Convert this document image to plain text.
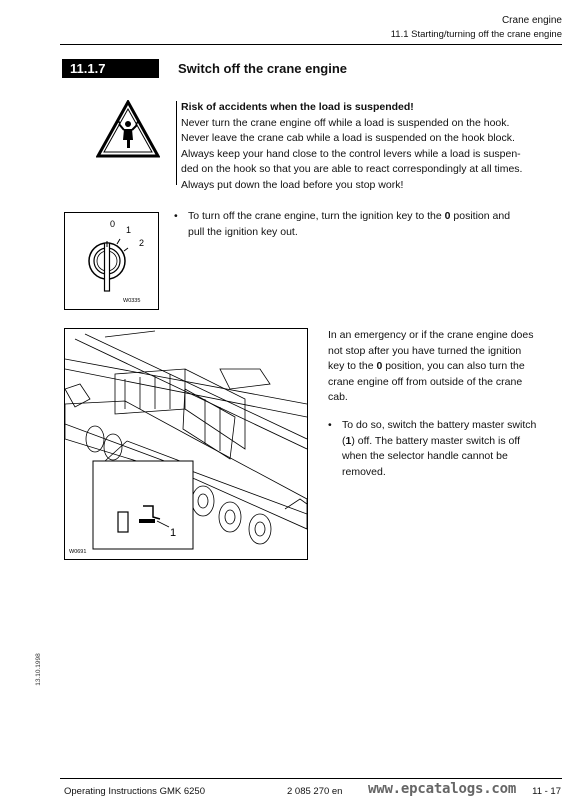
Crane engine
11.1 Starting/turning off the crane engine
11.1.7	Switch off the crane engine
Risk of accidents when the load is suspended!
Never turn the crane engine off while a load is suspended on the hook.
Never leave the crane cab while a load is suspended on the hook block.
Always keep your hand close to the control levers while a load is suspen-
ded on the hook so that you are able to react correspondingly at all times.
Always put down the load before you stop work!
0
1
2
W0335
• To turn off the crane engine, turn the ignition key to the 0 position and
pull the ignition key out.
1
W0691
In an emergency or if the crane engine does
not stop after you have turned the ignition
key to the 0 position, you can also turn the
crane engine off from outside of the crane
cab.
• To do so, switch the battery master switch
(1) off. The battery master switch is off
when the selector handle cannot be
removed.
13.10.1998
Operating Instructions GMK 6250	2 085 270 en www.epcatalogs.com 11 - 17
